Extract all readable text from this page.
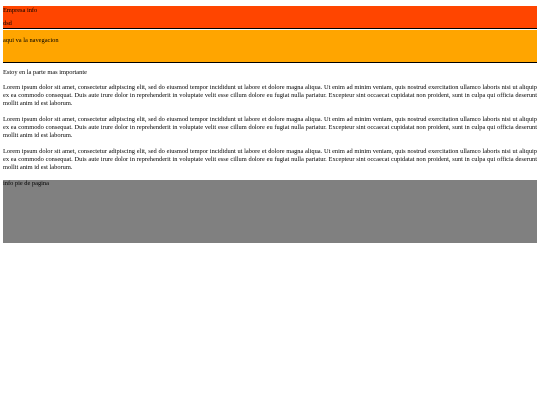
Empresa info
dsd
aqui va la navegacion

Estoy en la parte mas importante

Lorem ipsum dolor sit amet, consectetur adipiscing elit, sed do eiusmod tempor incididunt ut labore et dolore magna aliqua. Ut enim ad minim veniam, quis nostrud exercitation ullamco laboris nisi ut aliquip ex ea commodo consequat. Duis aute irure dolor in reprehenderit in voluptate velit esse cillum dolore eu fugiat nulla pariatur. Excepteur sint occaecat cupidatat non proident, sunt in culpa qui officia deserunt mollit anim id est laborum.

Lorem ipsum dolor sit amet, consectetur adipiscing elit, sed do eiusmod tempor incididunt ut labore et dolore magna aliqua. Ut enim ad minim veniam, quis nostrud exercitation ullamco laboris nisi ut aliquip ex ea commodo consequat. Duis aute irure dolor in reprehenderit in voluptate velit esse cillum dolore eu fugiat nulla pariatur. Excepteur sint occaecat cupidatat non proident, sunt in culpa qui officia deserunt mollit anim id est laborum.

Lorem ipsum dolor sit amet, consectetur adipiscing elit, sed do eiusmod tempor incididunt ut labore et dolore magna aliqua. Ut enim ad minim veniam, quis nostrud exercitation ullamco laboris nisi ut aliquip ex ea commodo consequat. Duis aute irure dolor in reprehenderit in voluptate velit esse cillum dolore eu fugiat nulla pariatur. Excepteur sint occaecat cupidatat non proident, sunt in culpa qui officia deserunt mollit anim id est laborum.

info pie de pagina
